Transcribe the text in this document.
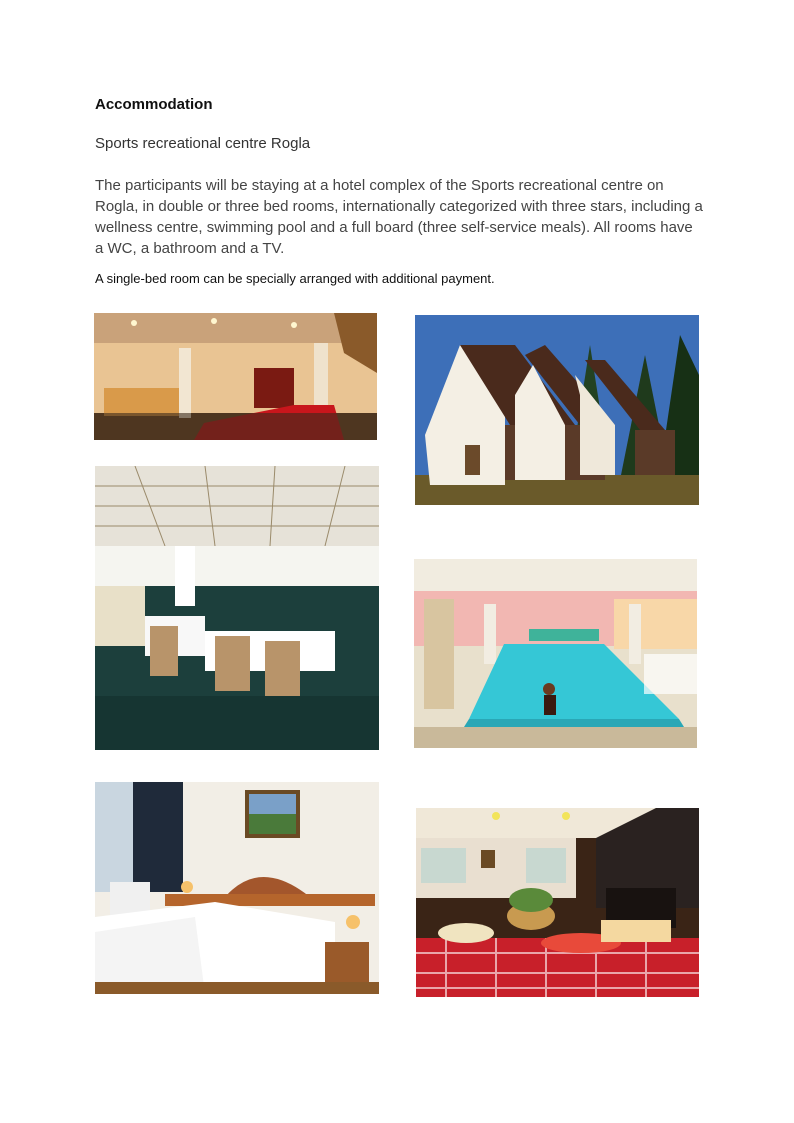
Accommodation
Sports recreational centre Rogla
The participants will be staying at a hotel complex of the Sports recreational centre on Rogla, in double or three bed rooms, internationally categorized with three stars, including a wellness centre, swimming pool and a full board (three self-service meals). All rooms have a WC, a bathroom and a TV.
A single-bed room can be specially arranged with additional payment.
